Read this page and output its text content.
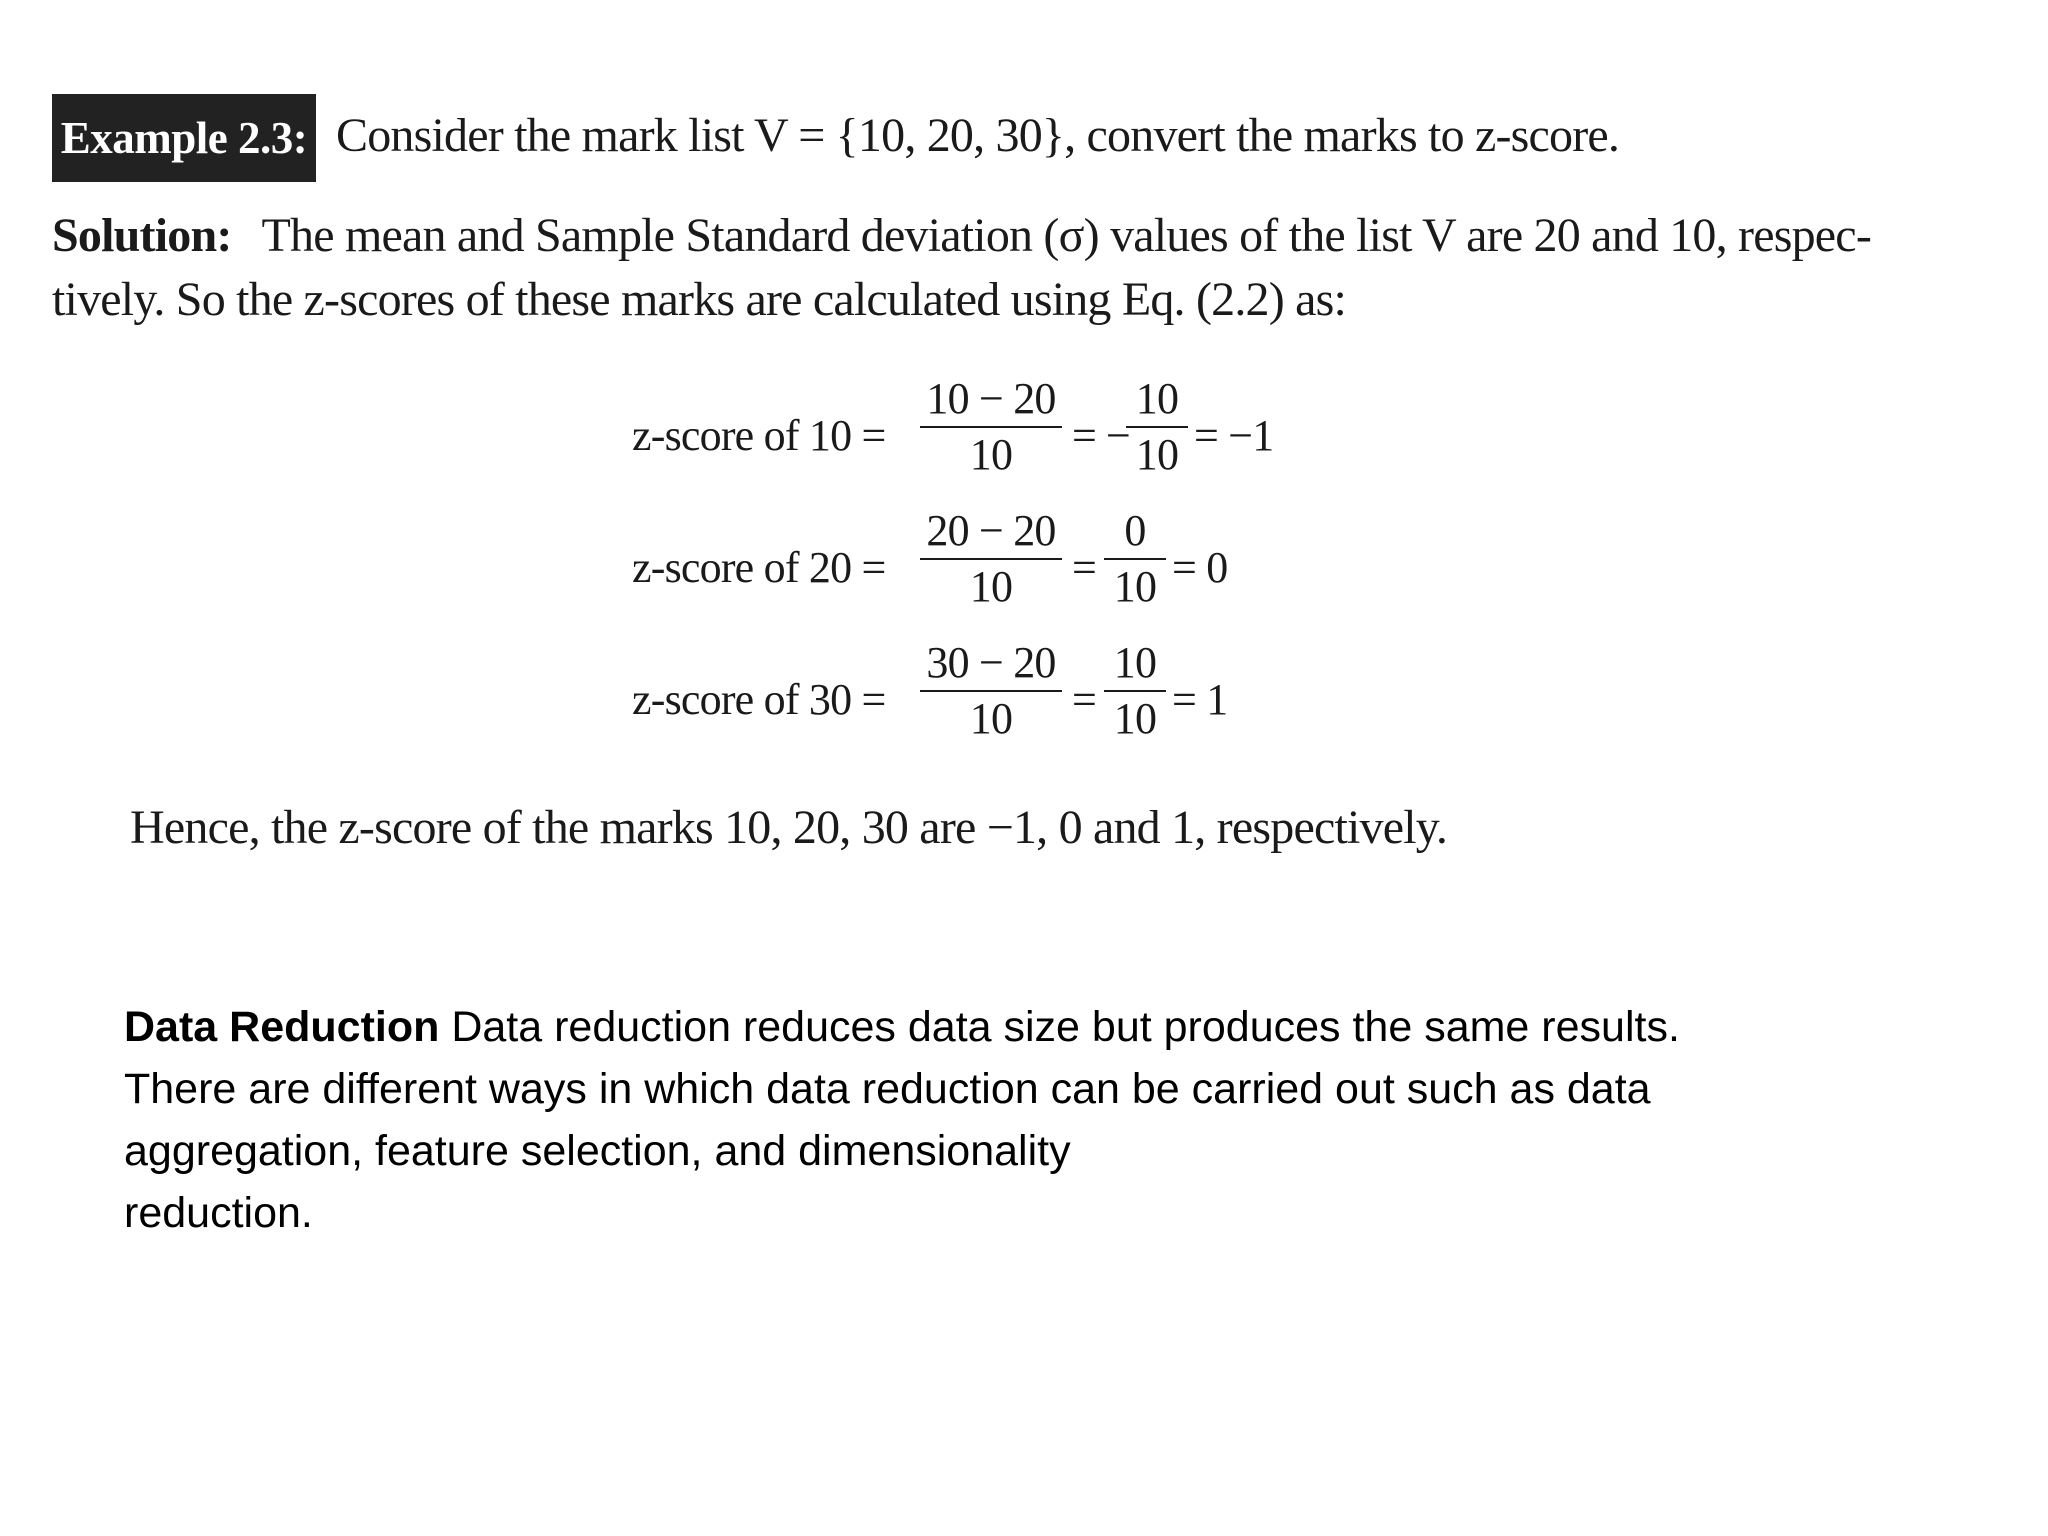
Example 2.3: Consider the mark list V = {10, 20, 30}, convert the marks to z-score.
Solution: The mean and Sample Standard deviation (σ) values of the list V are 20 and 10, respec-
tively. So the z-scores of these marks are calculated using Eq. (2.2) as:
z-score of 10 =
10 − 20
10	= −
10
10 = −1
z-score of 20 =
20 − 20
10	=
0
10 = 0
z-score of 30 =
30 − 20
10	=
10
10 = 1
Hence, the z-score of the marks 10, 20, 30 are −1, 0 and 1, respectively.
Data Reduction Data reduction reduces data size but produces the same results.
There are different ways in which data reduction can be carried out such as data
aggregation, feature selection, and dimensionality
reduction.
